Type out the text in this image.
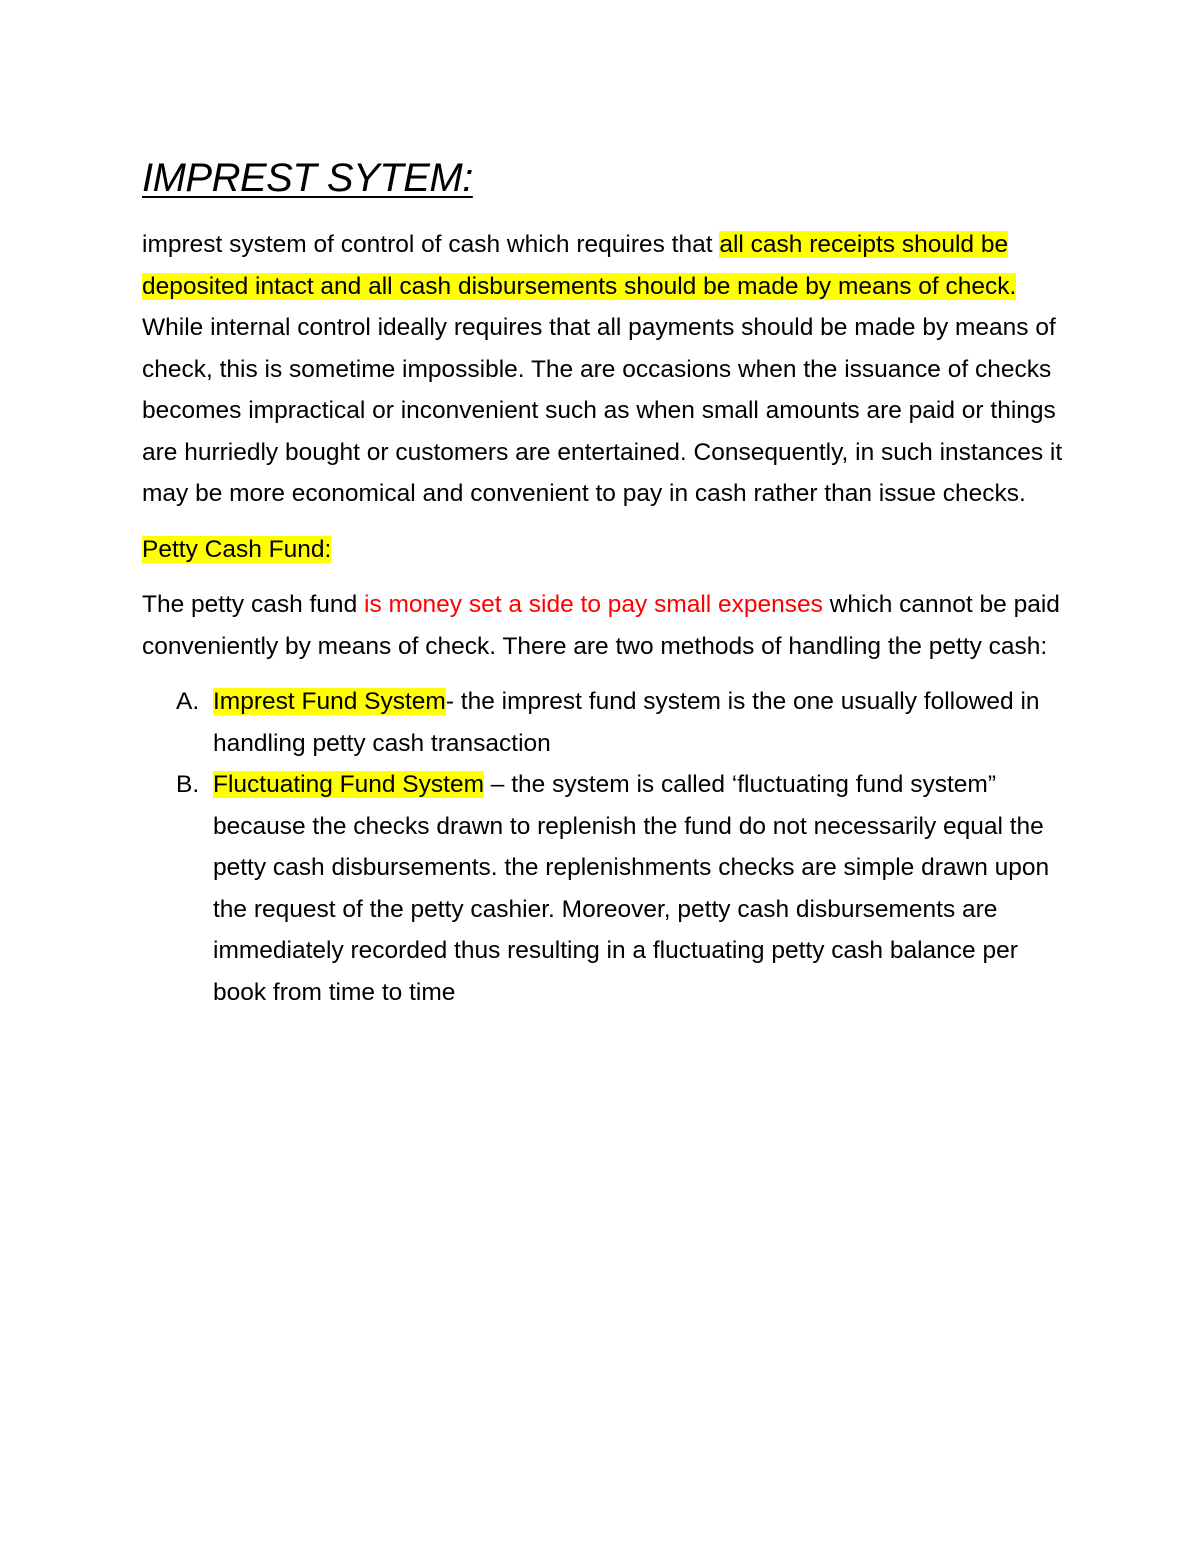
IMPREST SYTEM:

imprest system of control of cash which requires that all cash receipts should be deposited intact and all cash disbursements should be made by means of check. While internal control ideally requires that all payments should be made by means of check, this is sometime impossible. The are occasions when the issuance of checks becomes impractical or inconvenient such as when small amounts are paid or things are hurriedly bought or customers are entertained. Consequently, in such instances it may be more economical and convenient to pay in cash rather than issue checks.

Petty Cash Fund:

The petty cash fund is money set a side to pay small expenses which cannot be paid conveniently by means of check. There are two methods of handling the petty cash:

A. Imprest Fund System- the imprest fund system is the one usually followed in handling petty cash transaction
B. Fluctuating Fund System – the system is called ‘fluctuating fund system” because the checks drawn to replenish the fund do not necessarily equal the petty cash disbursements. the replenishments checks are simple drawn upon the request of the petty cashier. Moreover, petty cash disbursements are immediately recorded thus resulting in a fluctuating petty cash balance per book from time to time
